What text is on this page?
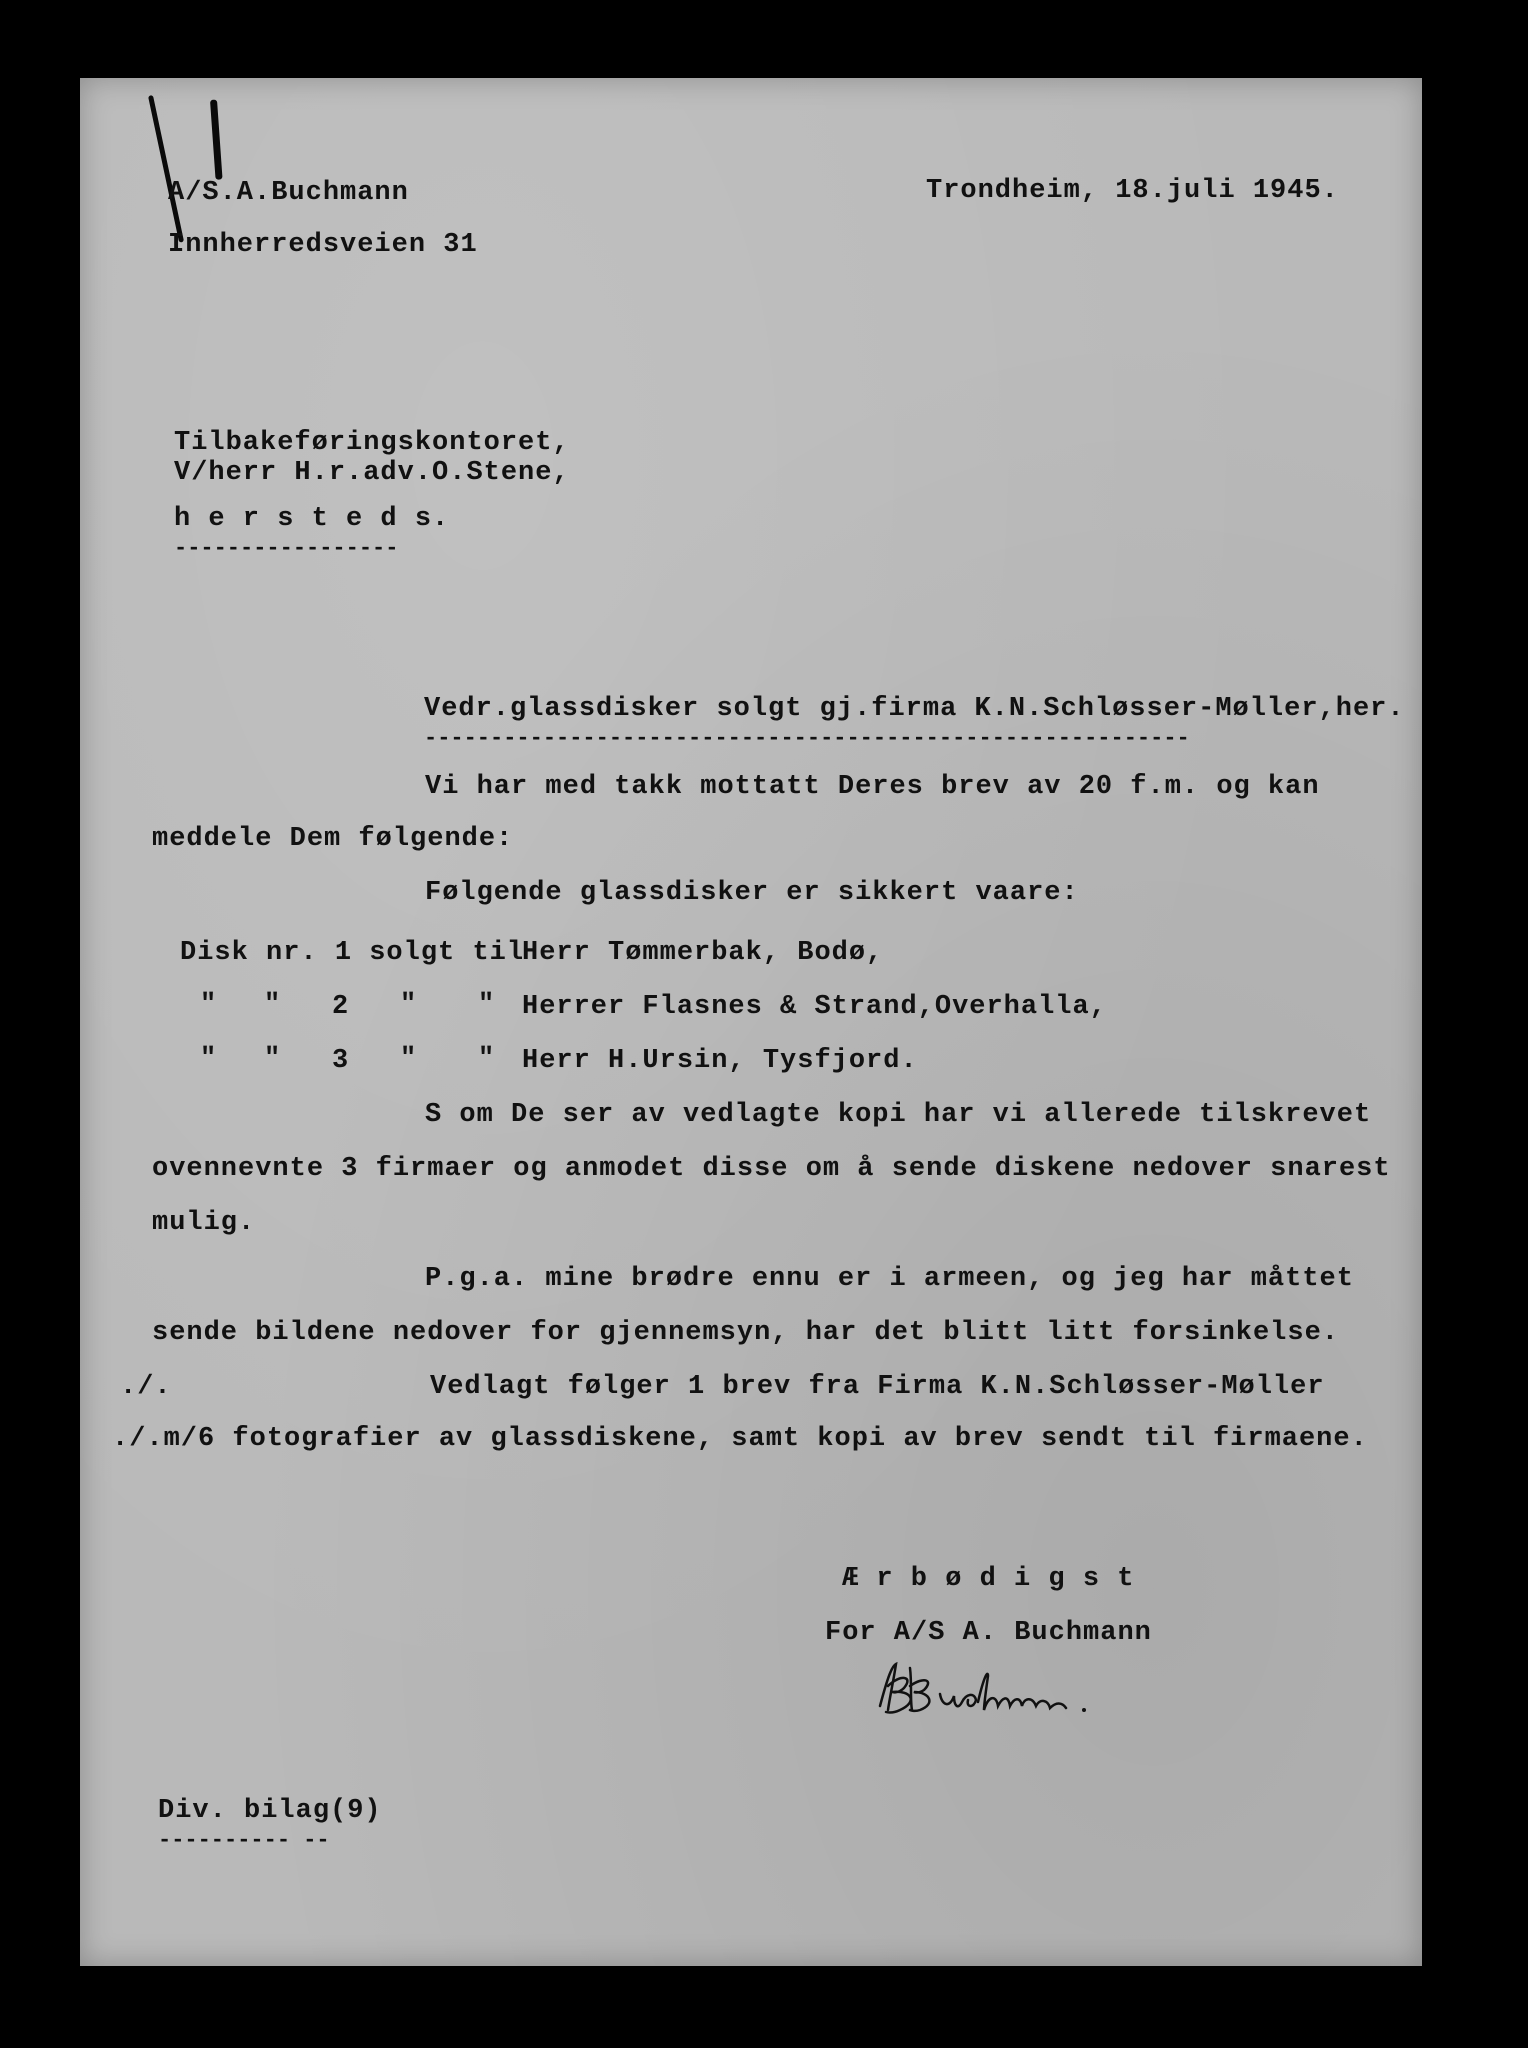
A/S.A.Buchmann
Innherredsveien 31
Trondheim, 18.juli 1945.
Tilbakeføringskontoret,
V/herr H.r.adv.O.Stene,
h e r s t e d s.
-----------------
Vedr.glassdisker solgt gj.firma K.N.Schløsser-Møller,her.
----------------------------------------------------------
Vi har med takk mottatt Deres brev av 20 f.m. og kan
meddele Dem følgende:
Følgende glassdisker er sikkert vaare:
Disk nr. 1 solgt til
Herr Tømmerbak, Bodø,
" " 2 " " Herrer Flasnes & Strand,Overhalla,
" " 3 " " Herr H.Ursin, Tysfjord.
S om De ser av vedlagte kopi har vi allerede tilskrevet
ovennevnte 3 firmaer og anmodet disse om å sende diskene nedover snarest
mulig.
P.g.a. mine brødre ennu er i armeen, og jeg har måttet
sende bildene nedover for gjennemsyn, har det blitt litt forsinkelse.
./.	Vedlagt følger 1 brev fra Firma K.N.Schløsser-Møller
./.m/6 fotografier av glassdiskene, samt kopi av brev sendt til firmaene.
Æ r b ø d i g s t
For A/S A. Buchmann
Div. bilag(9)
---------- --
